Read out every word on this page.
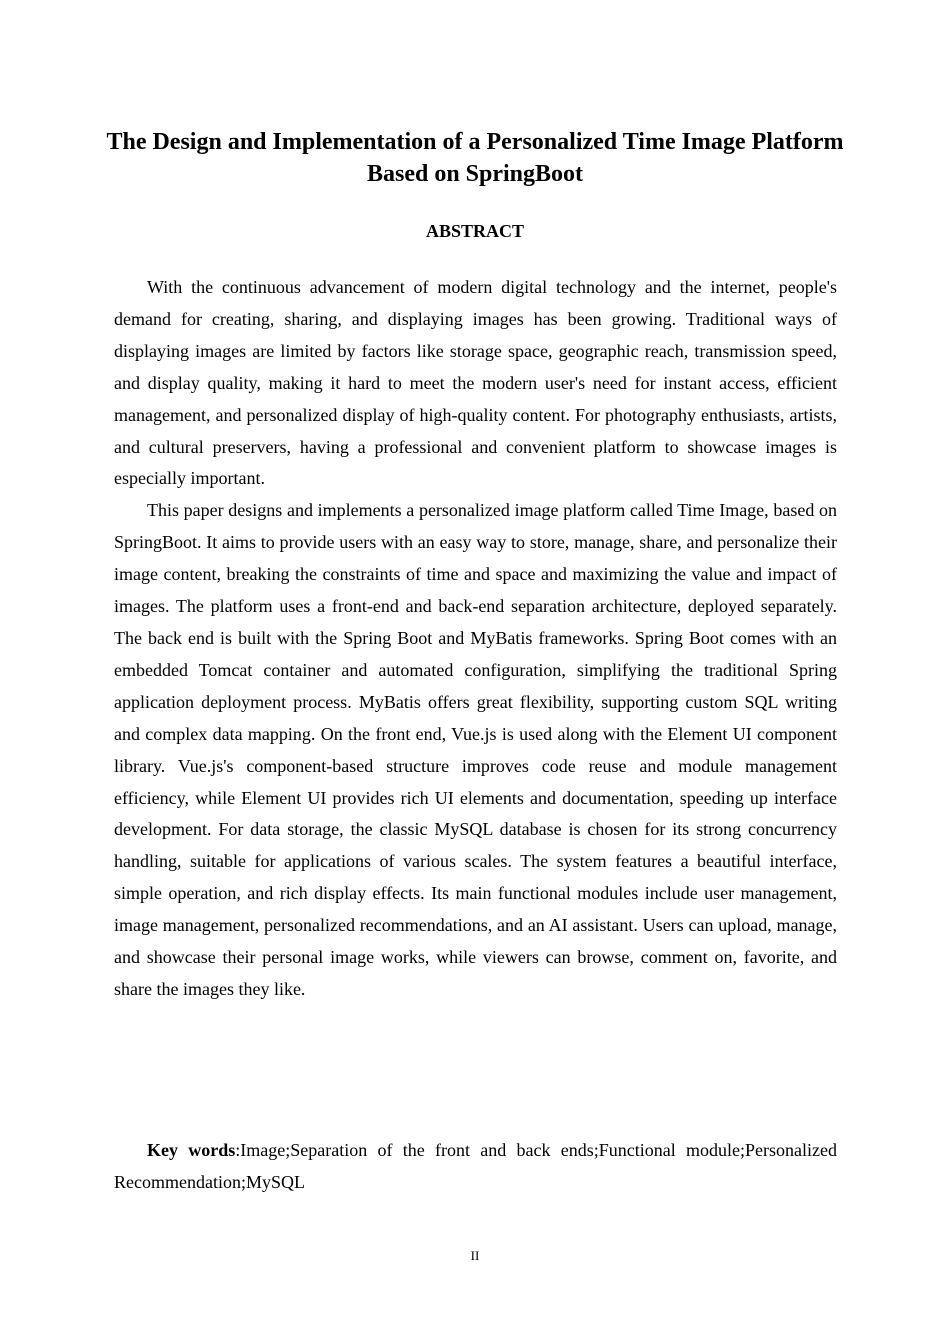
The Design and Implementation of a Personalized Time Image Platform Based on SpringBoot
ABSTRACT

With the continuous advancement of modern digital technology and the internet, people's demand for creating, sharing, and displaying images has been growing. Traditional ways of displaying images are limited by factors like storage space, geographic reach, transmission speed, and display quality, making it hard to meet the modern user's need for instant access, efficient management, and personalized display of high-quality content. For photography enthusiasts, artists, and cultural preservers, having a professional and convenient platform to showcase images is especially important.

This paper designs and implements a personalized image platform called Time Image, based on SpringBoot. It aims to provide users with an easy way to store, manage, share, and personalize their image content, breaking the constraints of time and space and maximizing the value and impact of images. The platform uses a front-end and back-end separation architecture, deployed separately. The back end is built with the Spring Boot and MyBatis frameworks. Spring Boot comes with an embedded Tomcat container and automated configuration, simplifying the traditional Spring application deployment process. MyBatis offers great flexibility, supporting custom SQL writing and complex data mapping. On the front end, Vue.js is used along with the Element UI component library. Vue.js's component-based structure improves code reuse and module management efficiency, while Element UI provides rich UI elements and documentation, speeding up interface development. For data storage, the classic MySQL database is chosen for its strong concurrency handling, suitable for applications of various scales. The system features a beautiful interface, simple operation, and rich display effects. Its main functional modules include user management, image management, personalized recommendations, and an AI assistant. Users can upload, manage, and showcase their personal image works, while viewers can browse, comment on, favorite, and share the images they like.

Key words:Image;Separation of the front and back ends;Functional module;Personalized Recommendation;MySQL

II
